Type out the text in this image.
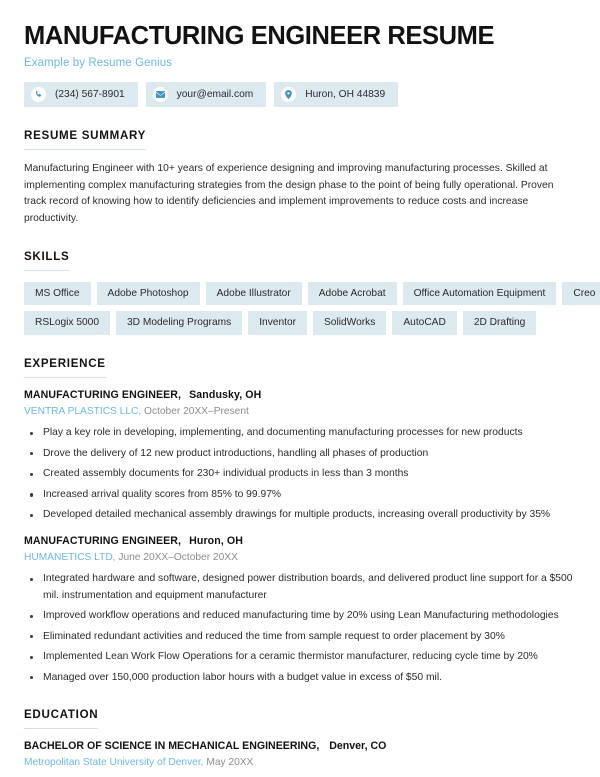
MANUFACTURING ENGINEER RESUME
Example by Resume Genius
(234) 567-8901	your@email.com	Huron, OH 44839
RESUME SUMMARY

Manufacturing Engineer with 10+ years of experience designing and improving manufacturing processes. Skilled at implementing complex manufacturing strategies from the design phase to the point of being fully operational. Proven track record of knowing how to identify deficiencies and implement improvements to reduce costs and increase productivity.

SKILLS
MS Office	Adobe Photoshop	Adobe Illustrator	Adobe Acrobat	Office Automation Equipment	Creo
RSLogix 5000	3D Modeling Programs	Inventor	SolidWorks	AutoCAD	2D Drafting
EXPERIENCE
MANUFACTURING ENGINEER, Sandusky, OH
VENTRA PLASTICS LLC, October 20XX–Present
Play a key role in developing, implementing, and documenting manufacturing processes for new products
Drove the delivery of 12 new product introductions, handling all phases of production
Created assembly documents for 230+ individual products in less than 3 months
Increased arrival quality scores from 85% to 99.97%
Developed detailed mechanical assembly drawings for multiple products, increasing overall productivity by 35%
MANUFACTURING ENGINEER, Huron, OH
HUMANETICS LTD, June 20XX–October 20XX
Integrated hardware and software, designed power distribution boards, and delivered product line support for a $500 mil. instrumentation and equipment manufacturer
Improved workflow operations and reduced manufacturing time by 20% using Lean Manufacturing methodologies
Eliminated redundant activities and reduced the time from sample request to order placement by 30%
Implemented Lean Work Flow Operations for a ceramic thermistor manufacturer, reducing cycle time by 20%
Managed over 150,000 production labor hours with a budget value in excess of $50 mil.
EDUCATION
BACHELOR OF SCIENCE IN MECHANICAL ENGINEERING, Denver, CO
Metropolitan State University of Denver, May 20XX
